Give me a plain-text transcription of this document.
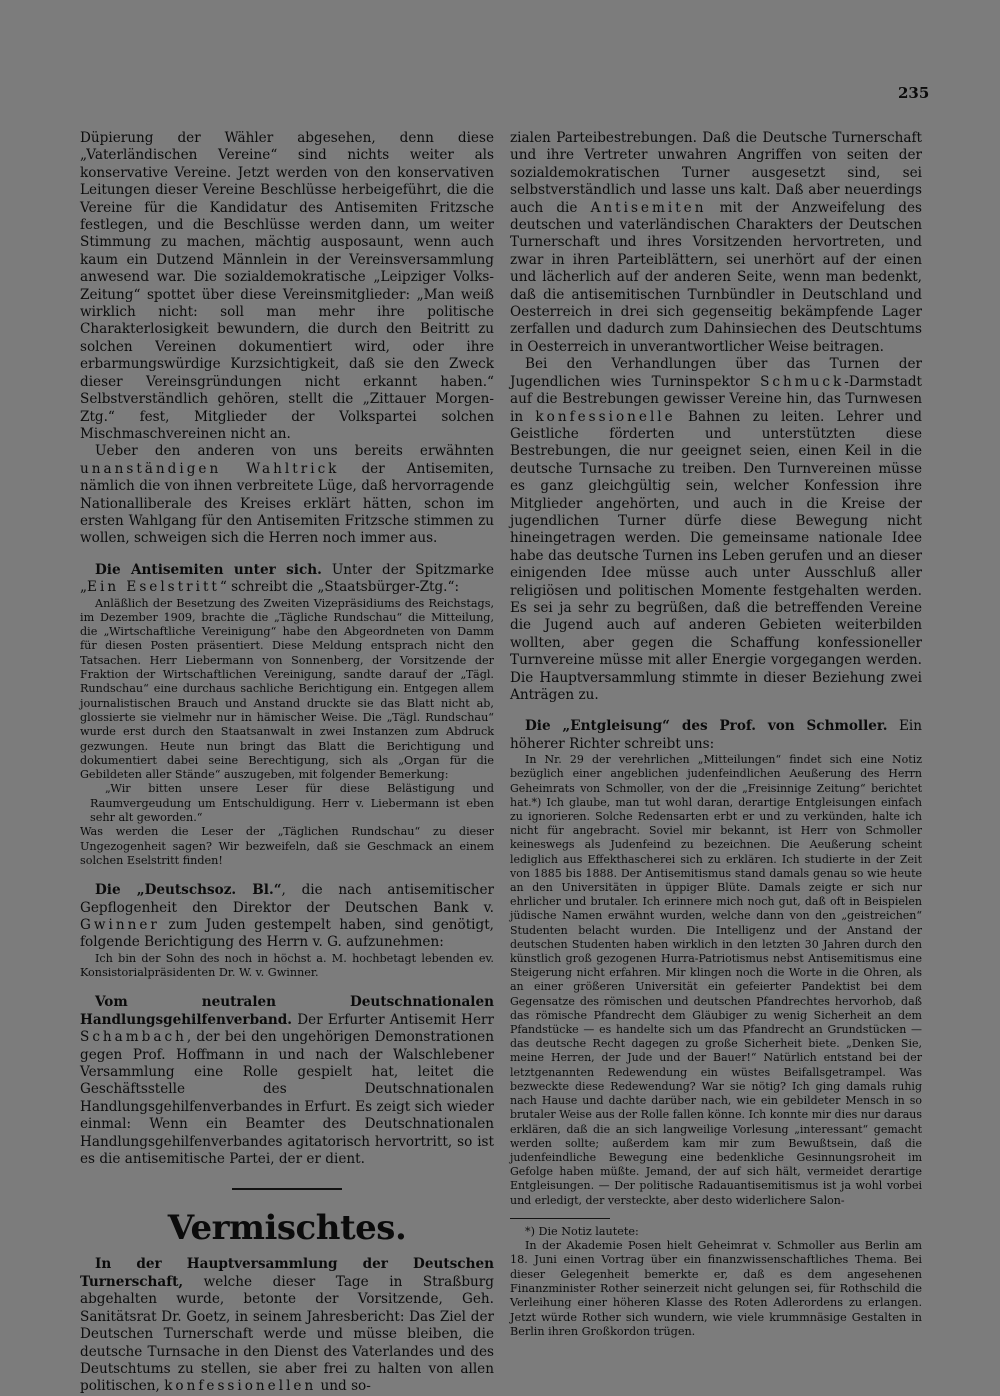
235

Düpierung der Wähler abgesehen, denn diese „Vaterländischen Vereine“ sind nichts weiter als konservative Vereine. Jetzt werden von den konservativen Leitungen dieser Vereine Beschlüsse herbeigeführt, die die Vereine für die Kandidatur des Antisemiten Fritzsche festlegen, und die Beschlüsse werden dann, um weiter Stimmung zu machen, mächtig ausposaunt, wenn auch kaum ein Dutzend Männlein in der Vereinsversammlung anwesend war. Die sozialdemokratische „Leipziger Volks-Zeitung“ spottet über diese Vereinsmitglieder: „Man weiß wirklich nicht: soll man mehr ihre politische Charakterlosigkeit bewundern, die durch den Beitritt zu solchen Vereinen dokumentiert wird, oder ihre erbarmungswürdige Kurzsichtigkeit, daß sie den Zweck dieser Vereinsgründungen nicht erkannt haben.“ Selbstverständlich gehören, stellt die „Zittauer Morgen-Ztg.“ fest, Mitglieder der Volkspartei solchen Mischmaschvereinen nicht an.

Ueber den anderen von uns bereits erwähnten unanständigen Wahltrick der Antisemiten, nämlich die von ihnen verbreitete Lüge, daß hervorragende Nationalliberale des Kreises erklärt hätten, schon im ersten Wahlgang für den Antisemiten Fritzsche stimmen zu wollen, schweigen sich die Herren noch immer aus.

Die Antisemiten unter sich. Unter der Spitzmarke „Ein Eselstritt“ schreibt die „Staatsbürger-Ztg.“:

Anläßlich der Besetzung des Zweiten Vizepräsidiums des Reichstags, im Dezember 1909, brachte die „Tägliche Rundschau“ die Mitteilung, die „Wirtschaftliche Vereinigung“ habe den Abgeordneten von Damm für diesen Posten präsentiert. Diese Meldung entsprach nicht den Tatsachen. Herr Liebermann von Sonnenberg, der Vorsitzende der Fraktion der Wirtschaftlichen Vereinigung, sandte darauf der „Tägl. Rundschau“ eine durchaus sachliche Berichtigung ein. Entgegen allem journalistischen Brauch und Anstand druckte sie das Blatt nicht ab, glossierte sie vielmehr nur in hämischer Weise. Die „Tägl. Rundschau“ wurde erst durch den Staatsanwalt in zwei Instanzen zum Abdruck gezwungen. Heute nun bringt das Blatt die Berichtigung und dokumentiert dabei seine Berechtigung, sich als „Organ für die Gebildeten aller Stände“ auszugeben, mit folgender Bemerkung:

„Wir bitten unsere Leser für diese Belästigung und Raumvergeudung um Entschuldigung. Herr v. Liebermann ist eben sehr alt geworden.“

Was werden die Leser der „Täglichen Rundschau“ zu dieser Ungezogenheit sagen? Wir bezweifeln, daß sie Geschmack an einem solchen Eselstritt finden!

Die „Deutschsoz. Bl.“, die nach antisemitischer Gepflogenheit den Direktor der Deutschen Bank v. Gwinner zum Juden gestempelt haben, sind genötigt, folgende Berichtigung des Herrn v. G. aufzunehmen:

Ich bin der Sohn des noch in höchst a. M. hochbetagt lebenden ev. Konsistorialpräsidenten Dr. W. v. Gwinner.

Vom neutralen Deutschnationalen Handlungsgehilfenverband. Der Erfurter Antisemit Herr Schambach, der bei den ungehörigen Demonstrationen gegen Prof. Hoffmann in und nach der Walschlebener Versammlung eine Rolle gespielt hat, leitet die Geschäftsstelle des Deutschnationalen Handlungsgehilfenverbandes in Erfurt. Es zeigt sich wieder einmal: Wenn ein Beamter des Deutschnationalen Handlungsgehilfenverbandes agitatorisch hervortritt, so ist es die antisemitische Partei, der er dient.

Vermischtes.

In der Hauptversammlung der Deutschen Turnerschaft, welche dieser Tage in Straßburg abgehalten wurde, betonte der Vorsitzende, Geh. Sanitätsrat Dr. Goetz, in seinem Jahresbericht: Das Ziel der Deutschen Turnerschaft werde und müsse bleiben, die deutsche Turnsache in den Dienst des Vaterlandes und des Deutschtums zu stellen, sie aber frei zu halten von allen politischen, konfessionellen und so-

zialen Parteibestrebungen. Daß die Deutsche Turnerschaft und ihre Vertreter unwahren Angriffen von seiten der sozialdemokratischen Turner ausgesetzt sind, sei selbstverständlich und lasse uns kalt. Daß aber neuerdings auch die Antisemiten mit der Anzweifelung des deutschen und vaterländischen Charakters der Deutschen Turnerschaft und ihres Vorsitzenden hervortreten, und zwar in ihren Parteiblättern, sei unerhört auf der einen und lächerlich auf der anderen Seite, wenn man bedenkt, daß die antisemitischen Turnbündler in Deutschland und Oesterreich in drei sich gegenseitig bekämpfende Lager zerfallen und dadurch zum Dahinsiechen des Deutschtums in Oesterreich in unverantwortlicher Weise beitragen.

Bei den Verhandlungen über das Turnen der Jugendlichen wies Turninspektor Schmuck-Darmstadt auf die Bestrebungen gewisser Vereine hin, das Turnwesen in konfessionelle Bahnen zu leiten. Lehrer und Geistliche förderten und unterstützten diese Bestrebungen, die nur geeignet seien, einen Keil in die deutsche Turnsache zu treiben. Den Turnvereinen müsse es ganz gleichgültig sein, welcher Konfession ihre Mitglieder angehörten, und auch in die Kreise der jugendlichen Turner dürfe diese Bewegung nicht hineingetragen werden. Die gemeinsame nationale Idee habe das deutsche Turnen ins Leben gerufen und an dieser einigenden Idee müsse auch unter Ausschluß aller religiösen und politischen Momente festgehalten werden. Es sei ja sehr zu begrüßen, daß die betreffenden Vereine die Jugend auch auf anderen Gebieten weiterbilden wollten, aber gegen die Schaffung konfessioneller Turnvereine müsse mit aller Energie vorgegangen werden. Die Hauptversammlung stimmte in dieser Beziehung zwei Anträgen zu.

Die „Entgleisung“ des Prof. von Schmoller. Ein höherer Richter schreibt uns:

In Nr. 29 der verehrlichen „Mitteilungen“ findet sich eine Notiz bezüglich einer angeblichen judenfeindlichen Aeußerung des Herrn Geheimrats von Schmoller, von der die „Freisinnige Zeitung“ berichtet hat.*) Ich glaube, man tut wohl daran, derartige Entgleisungen einfach zu ignorieren. Solche Redensarten erbt er und zu verkünden, halte ich nicht für angebracht. Soviel mir bekannt, ist Herr von Schmoller keineswegs als Judenfeind zu bezeichnen. Die Aeußerung scheint lediglich aus Effekthascherei sich zu erklären. Ich studierte in der Zeit von 1885 bis 1888. Der Antisemitismus stand damals genau so wie heute an den Universitäten in üppiger Blüte. Damals zeigte er sich nur ehrlicher und brutaler. Ich erinnere mich noch gut, daß oft in Beispielen jüdische Namen erwähnt wurden, welche dann von den „geistreichen“ Studenten belacht wurden. Die Intelligenz und der Anstand der deutschen Studenten haben wirklich in den letzten 30 Jahren durch den künstlich groß gezogenen Hurra-Patriotismus nebst Antisemitismus eine Steigerung nicht erfahren. Mir klingen noch die Worte in die Ohren, als an einer größeren Universität ein gefeierter Pandektist bei dem Gegensatze des römischen und deutschen Pfandrechtes hervorhob, daß das römische Pfandrecht dem Gläubiger zu wenig Sicherheit an dem Pfandstücke — es handelte sich um das Pfandrecht an Grundstücken — das deutsche Recht dagegen zu große Sicherheit biete. „Denken Sie, meine Herren, der Jude und der Bauer!“ Natürlich entstand bei der letztgenannten Redewendung ein wüstes Beifallsgetrampel. Was bezweckte diese Redewendung? War sie nötig? Ich ging damals ruhig nach Hause und dachte darüber nach, wie ein gebildeter Mensch in so brutaler Weise aus der Rolle fallen könne. Ich konnte mir dies nur daraus erklären, daß die an sich langweilige Vorlesung „interessant“ gemacht werden sollte; außerdem kam mir zum Bewußtsein, daß die judenfeindliche Bewegung eine bedenkliche Gesinnungsroheit im Gefolge haben müßte. Jemand, der auf sich hält, vermeidet derartige Entgleisungen. — Der politische Radauantisemitismus ist ja wohl vorbei und erledigt, der versteckte, aber desto widerlichere Salon-

*) Die Notiz lautete:

In der Akademie Posen hielt Geheimrat v. Schmoller aus Berlin am 18. Juni einen Vortrag über ein finanzwissenschaftliches Thema. Bei dieser Gelegenheit bemerkte er, daß es dem angesehenen Finanzminister Rother seinerzeit nicht gelungen sei, für Rothschild die Verleihung einer höheren Klasse des Roten Adlerordens zu erlangen. Jetzt würde Rother sich wundern, wie viele krummnäsige Gestalten in Berlin ihren Großkordon trügen.
